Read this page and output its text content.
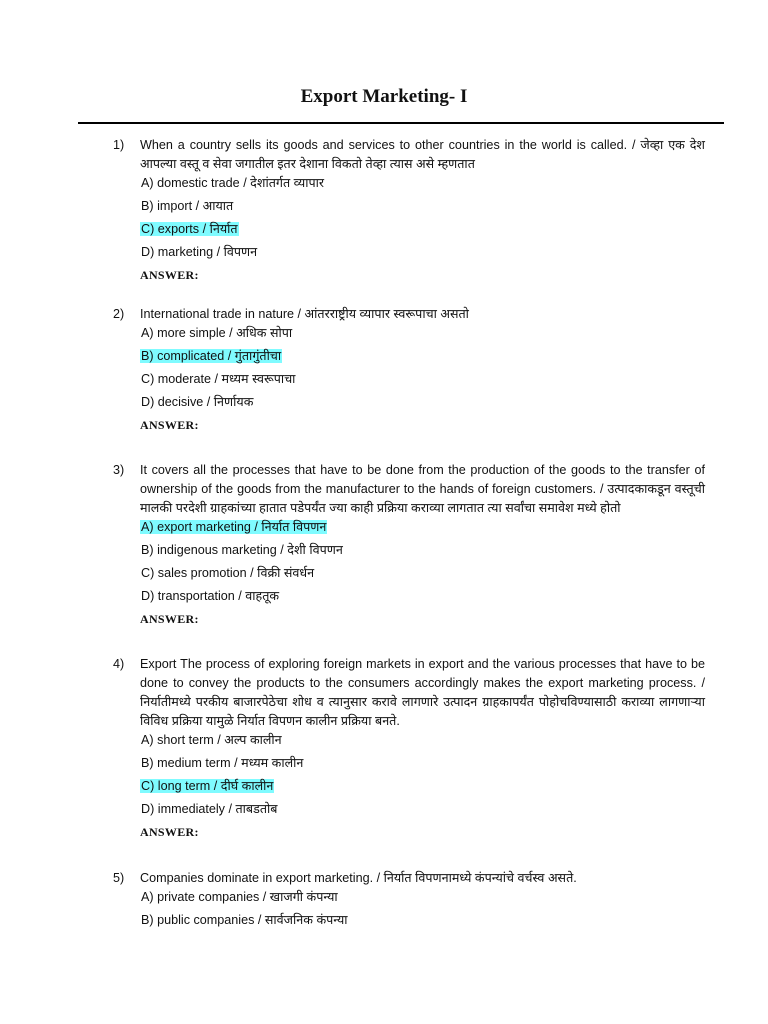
Export Marketing- I
1)	When a country sells its goods and services to other countries in the world is called. / जेव्हा एक देश आपल्या वस्तू व सेवा जगातील इतर देशाना विकतो तेव्हा त्यास असे म्हणतात
A) domestic trade / देशांतर्गत व्यापार
B) import / आयात
C) exports / निर्यात
D) marketing / विपणन
ANSWER:
2)	International trade in nature / आंतरराष्ट्रीय व्यापार स्वरूपाचा असतो
A) more simple / अधिक सोपा
B) complicated / गुंतागुंतीचा
C) moderate / मध्यम स्वरूपाचा
D) decisive / निर्णायक
ANSWER:
3)	It covers all the processes that have to be done from the production of the goods to the transfer of ownership of the goods from the manufacturer to the hands of foreign customers. / उत्पादकाकडून वस्तूची मालकी परदेशी ग्राहकांच्या हातात पडेपर्यंत ज्या काही प्रक्रिया कराव्या लागतात त्या सर्वांचा समावेश मध्ये होतो
A) export marketing / निर्यात विपणन
B) indigenous marketing / देशी विपणन
C) sales promotion / विक्री संवर्धन
D) transportation / वाहतूक
ANSWER:
4)	Export The process of exploring foreign markets in export and the various processes that have to be done to convey the products to the consumers accordingly makes the export marketing process. / निर्यातीमध्ये परकीय बाजारपेठेचा शोध व त्यानुसार करावे लागणारे उत्पादन ग्राहकापर्यंत पोहोचविण्यासाठी कराव्या लागणाऱ्या विविध प्रक्रिया यामुळे निर्यात विपणन कालीन प्रक्रिया बनते.
A) short term / अल्प कालीन
B) medium term / मध्यम कालीन
C) long term / दीर्घ कालीन
D) immediately / ताबडतोब
ANSWER:
5)	Companies dominate in export marketing. / निर्यात विपणनामध्ये कंपन्यांचे वर्चस्व असते.
A) private companies / खाजगी कंपन्या
B) public companies / सार्वजनिक कंपन्या
